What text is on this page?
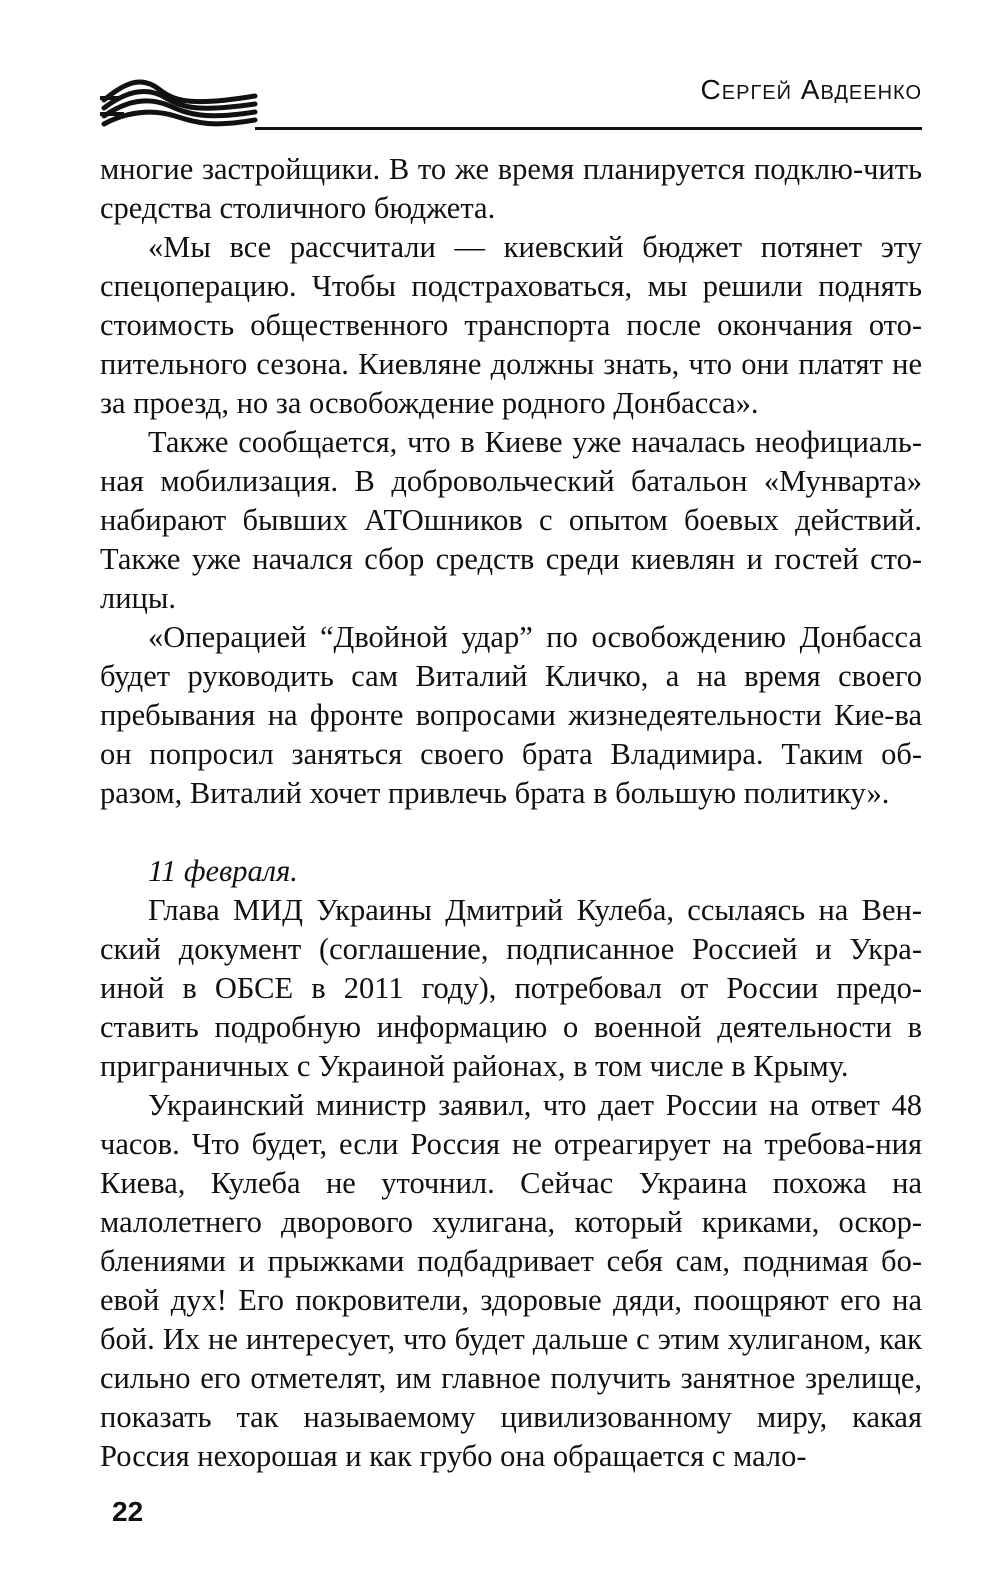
Сергей Авдеенко

многие застройщики. В то же время планируется подклю-чить средства столичного бюджета.

«Мы все рассчитали — киевский бюджет потянет эту спецоперацию. Чтобы подстраховаться, мы решили поднять стоимость общественного транспорта после окончания ото-пительного сезона. Киевляне должны знать, что они платят не за проезд, но за освобождение родного Донбасса».

Также сообщается, что в Киеве уже началась неофициаль-ная мобилизация. В добровольческий батальон «Мунварта» набирают бывших АТОшников с опытом боевых действий. Также уже начался сбор средств среди киевлян и гостей сто-лицы.

«Операцией “Двойной удар” по освобождению Донбасса будет руководить сам Виталий Кличко, а на время своего пребывания на фронте вопросами жизнедеятельности Кие-ва он попросил заняться своего брата Владимира. Таким об-разом, Виталий хочет привлечь брата в большую политику».

11 февраля.

Глава МИД Украины Дмитрий Кулеба, ссылаясь на Вен-ский документ (соглашение, подписанное Россией и Укра-иной в ОБСЕ в 2011 году), потребовал от России предо-ставить подробную информацию о военной деятельности в приграничных с Украиной районах, в том числе в Крыму.

Украинский министр заявил, что дает России на ответ 48 часов. Что будет, если Россия не отреагирует на требова-ния Киева, Кулеба не уточнил. Сейчас Украина похожа на малолетнего дворового хулигана, который криками, оскор-блениями и прыжками подбадривает себя сам, поднимая бо-евой дух! Его покровители, здоровые дяди, поощряют его на бой. Их не интересует, что будет дальше с этим хулиганом, как сильно его отметелят, им главное получить занятное зрелище, показать так называемому цивилизованному миру, какая Россия нехорошая и как грубо она обращается с мало-

22
